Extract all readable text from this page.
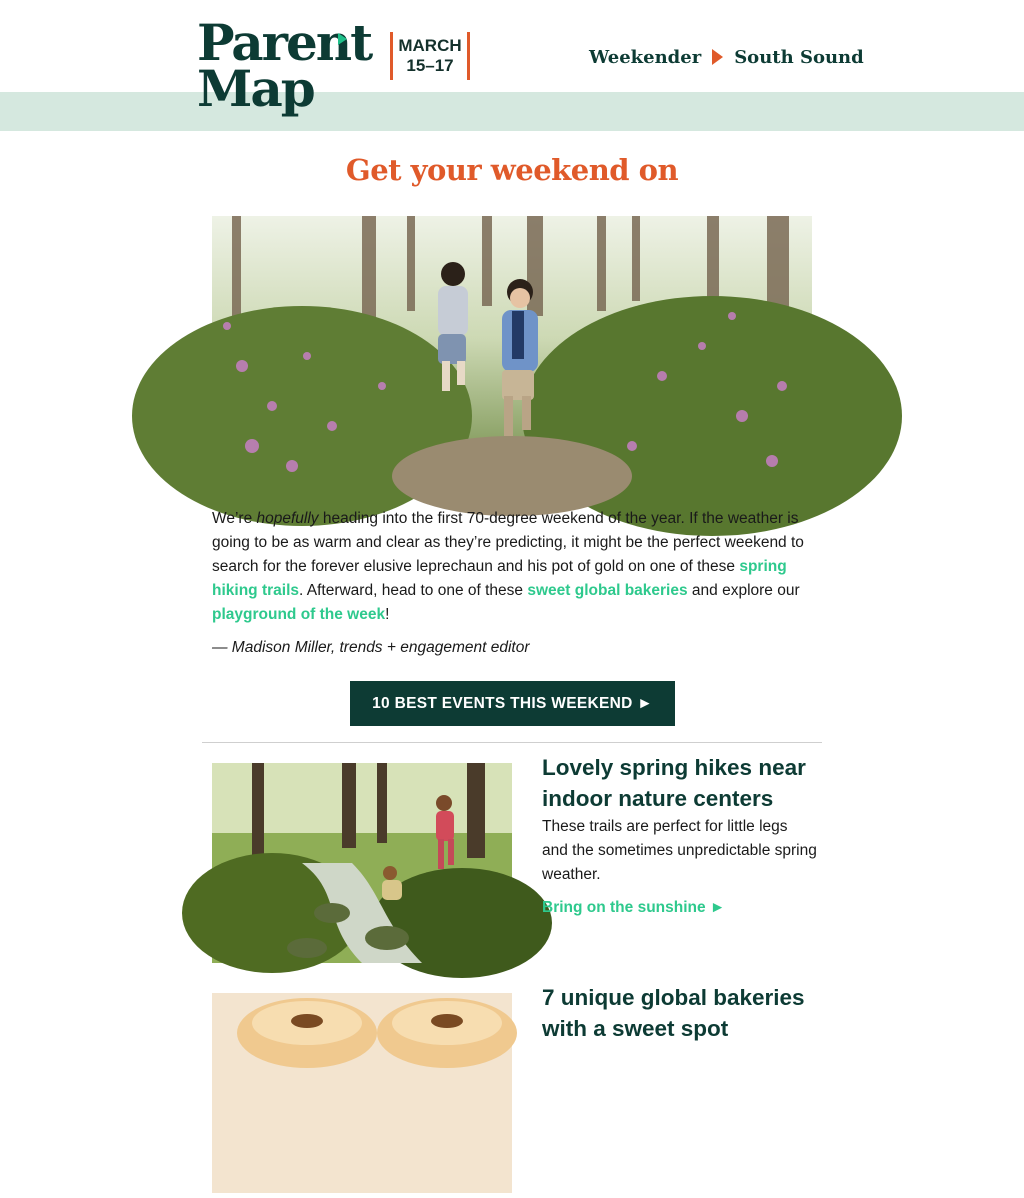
Parent
Map
MARCH
15–17	Weekender South Sound
Get your weekend on
We’re hopefully heading into the first 70-degree weekend of the year. If the weather is going to be as warm and clear as they’re predicting, it might be the perfect weekend to search for the forever elusive leprechaun and his pot of gold on one of these spring hiking trails. Afterward, head to one of these sweet global bakeries and explore our playground of the week!
— Madison Miller, trends + engagement editor
10 BEST EVENTS THIS WEEKEND ►
Lovely spring hikes near indoor nature centers
These trails are perfect for little legs and the sometimes unpredictable spring weather.
Bring on the sunshine ►
7 unique global bakeries with a sweet spot
